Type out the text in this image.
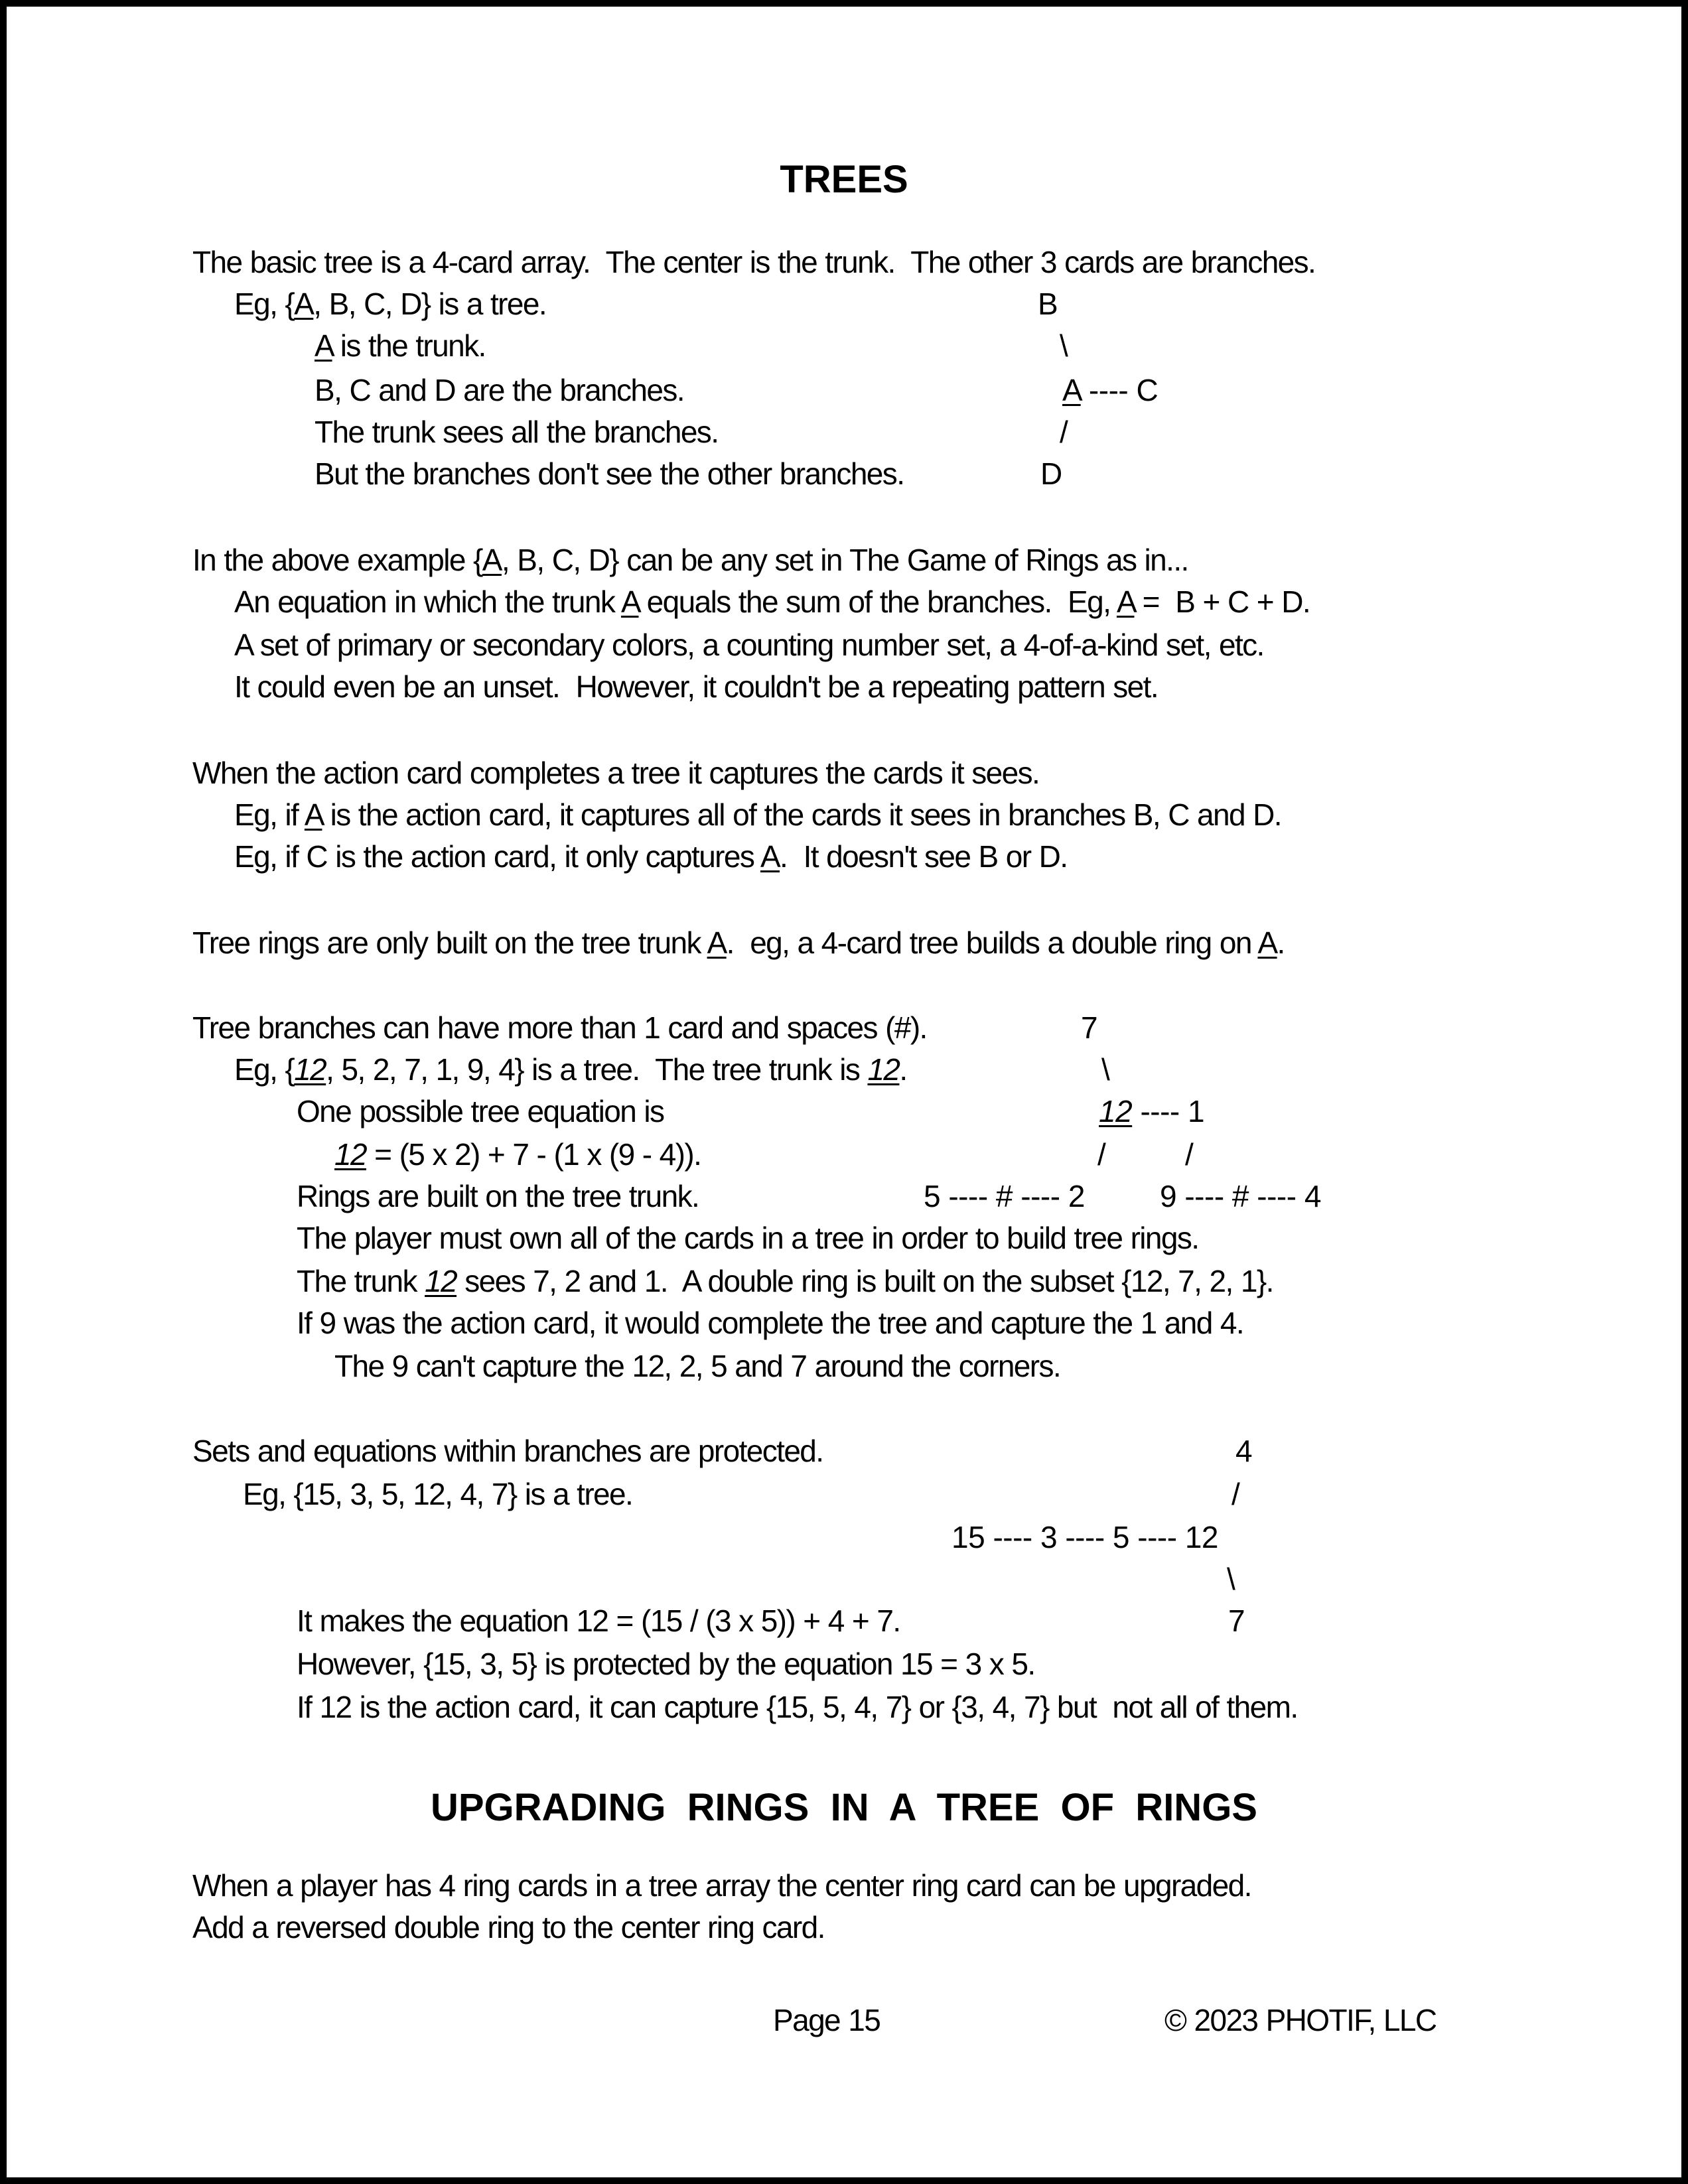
TREES
The basic tree is a 4-card array.  The center is the trunk.  The other 3 cards are branches.
Eg, {A, B, C, D} is a tree.
A is the trunk.
B, C and D are the branches.
The trunk sees all the branches.
But the branches don't see the other branches.
In the above example {A, B, C, D} can be any set in The Game of Rings as in...
An equation in which the trunk A equals the sum of the branches.  Eg, A =  B + C + D.
A set of primary or secondary colors, a counting number set, a 4-of-a-kind set, etc.
It could even be an unset.  However, it couldn't be a repeating pattern set.
When the action card completes a tree it captures the cards it sees.
Eg, if A is the action card, it captures all of the cards it sees in branches B, C and D.
Eg, if C is the action card, it only captures A.  It doesn't see B or D.
Tree rings are only built on the tree trunk A.  eg, a 4-card tree builds a double ring on A.
Tree branches can have more than 1 card and spaces (#).
Eg, {12, 5, 2, 7, 1, 9, 4} is a tree.  The tree trunk is 12.
One possible tree equation is
12 = (5 x 2) + 7 - (1 x (9 - 4)).
Rings are built on the tree trunk.
The player must own all of the cards in a tree in order to build tree rings.
The trunk 12 sees 7, 2 and 1.  A double ring is built on the subset {12, 7, 2, 1}.
If 9 was the action card, it would complete the tree and capture the 1 and 4.
The 9 can't capture the 12, 2, 5 and 7 around the corners.
Sets and equations within branches are protected.
Eg, {15, 3, 5, 12, 4, 7} is a tree.
It makes the equation 12 = (15 / (3 x 5)) + 4 + 7.
However, {15, 3, 5} is protected by the equation 15 = 3 x 5.
If 12 is the action card, it can capture {15, 5, 4, 7} or {3, 4, 7} but  not all of them.
When a player has 4 ring cards in a tree array the center ring card can be upgraded.
Add a reversed double ring to the center ring card.
B
\
A ---- C
/
D
7
\
12 ---- 1
/	/
5 ---- # ---- 2 9 ---- # ---- 4
4
/
15 ---- 3 ---- 5 ---- 12
\
7
UPGRADING  RINGS  IN  A  TREE  OF  RINGS
Page 15	© 2023 PHOTIF, LLC
